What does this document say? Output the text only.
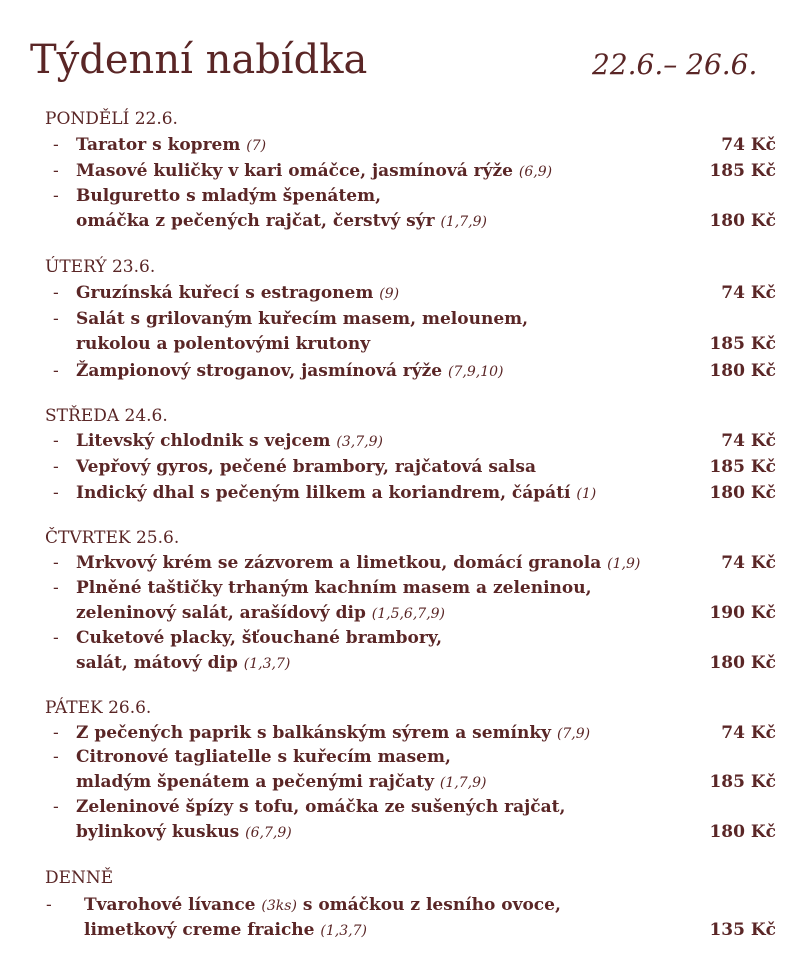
Týdenní nabídka	22.6.– 26.6.
PONDĚLÍ 22.6.
- Tarator s koprem (7)	74 Kč
- Masové kuličky v kari omáčce, jasmínová rýže (6,9)	185 Kč
- Bulguretto s mladým špenátem,
omáčka z pečených rajčat, čerstvý sýr (1,7,9)	180 Kč
ÚTERÝ 23.6.
- Gruzínská kuřecí s estragonem (9)	74 Kč
- Salát s grilovaným kuřecím masem, melounem,
rukolou a polentovými krutony	185 Kč
- Žampionový stroganov, jasmínová rýže (7,9,10)	180 Kč
STŘEDA 24.6.
- Litevský chlodnik s vejcem (3,7,9)	74 Kč
- Vepřový gyros, pečené brambory, rajčatová salsa	185 Kč
- Indický dhal s pečeným lilkem a koriandrem, čápátí (1)	180 Kč
ČTVRTEK 25.6.
- Mrkvový krém se zázvorem a limetkou, domácí granola (1,9)	74 Kč
- Plněné taštičky trhaným kachním masem a zeleninou,
zeleninový salát, arašídový dip (1,5,6,7,9)	190 Kč
- Cuketové placky, šťouchané brambory,
salát, mátový dip (1,3,7)	180 Kč
PÁTEK 26.6.
- Z pečených paprik s balkánským sýrem a semínky (7,9)	74 Kč
- Citronové tagliatelle s kuřecím masem,
mladým špenátem a pečenými rajčaty (1,7,9)	185 Kč
- Zeleninové špízy s tofu, omáčka ze sušených rajčat,
bylinkový kuskus (6,7,9)	180 Kč
DENNĚ
- Tvarohové lívance (3ks) s omáčkou z lesního ovoce,
limetkový creme fraiche (1,3,7)	135 Kč
